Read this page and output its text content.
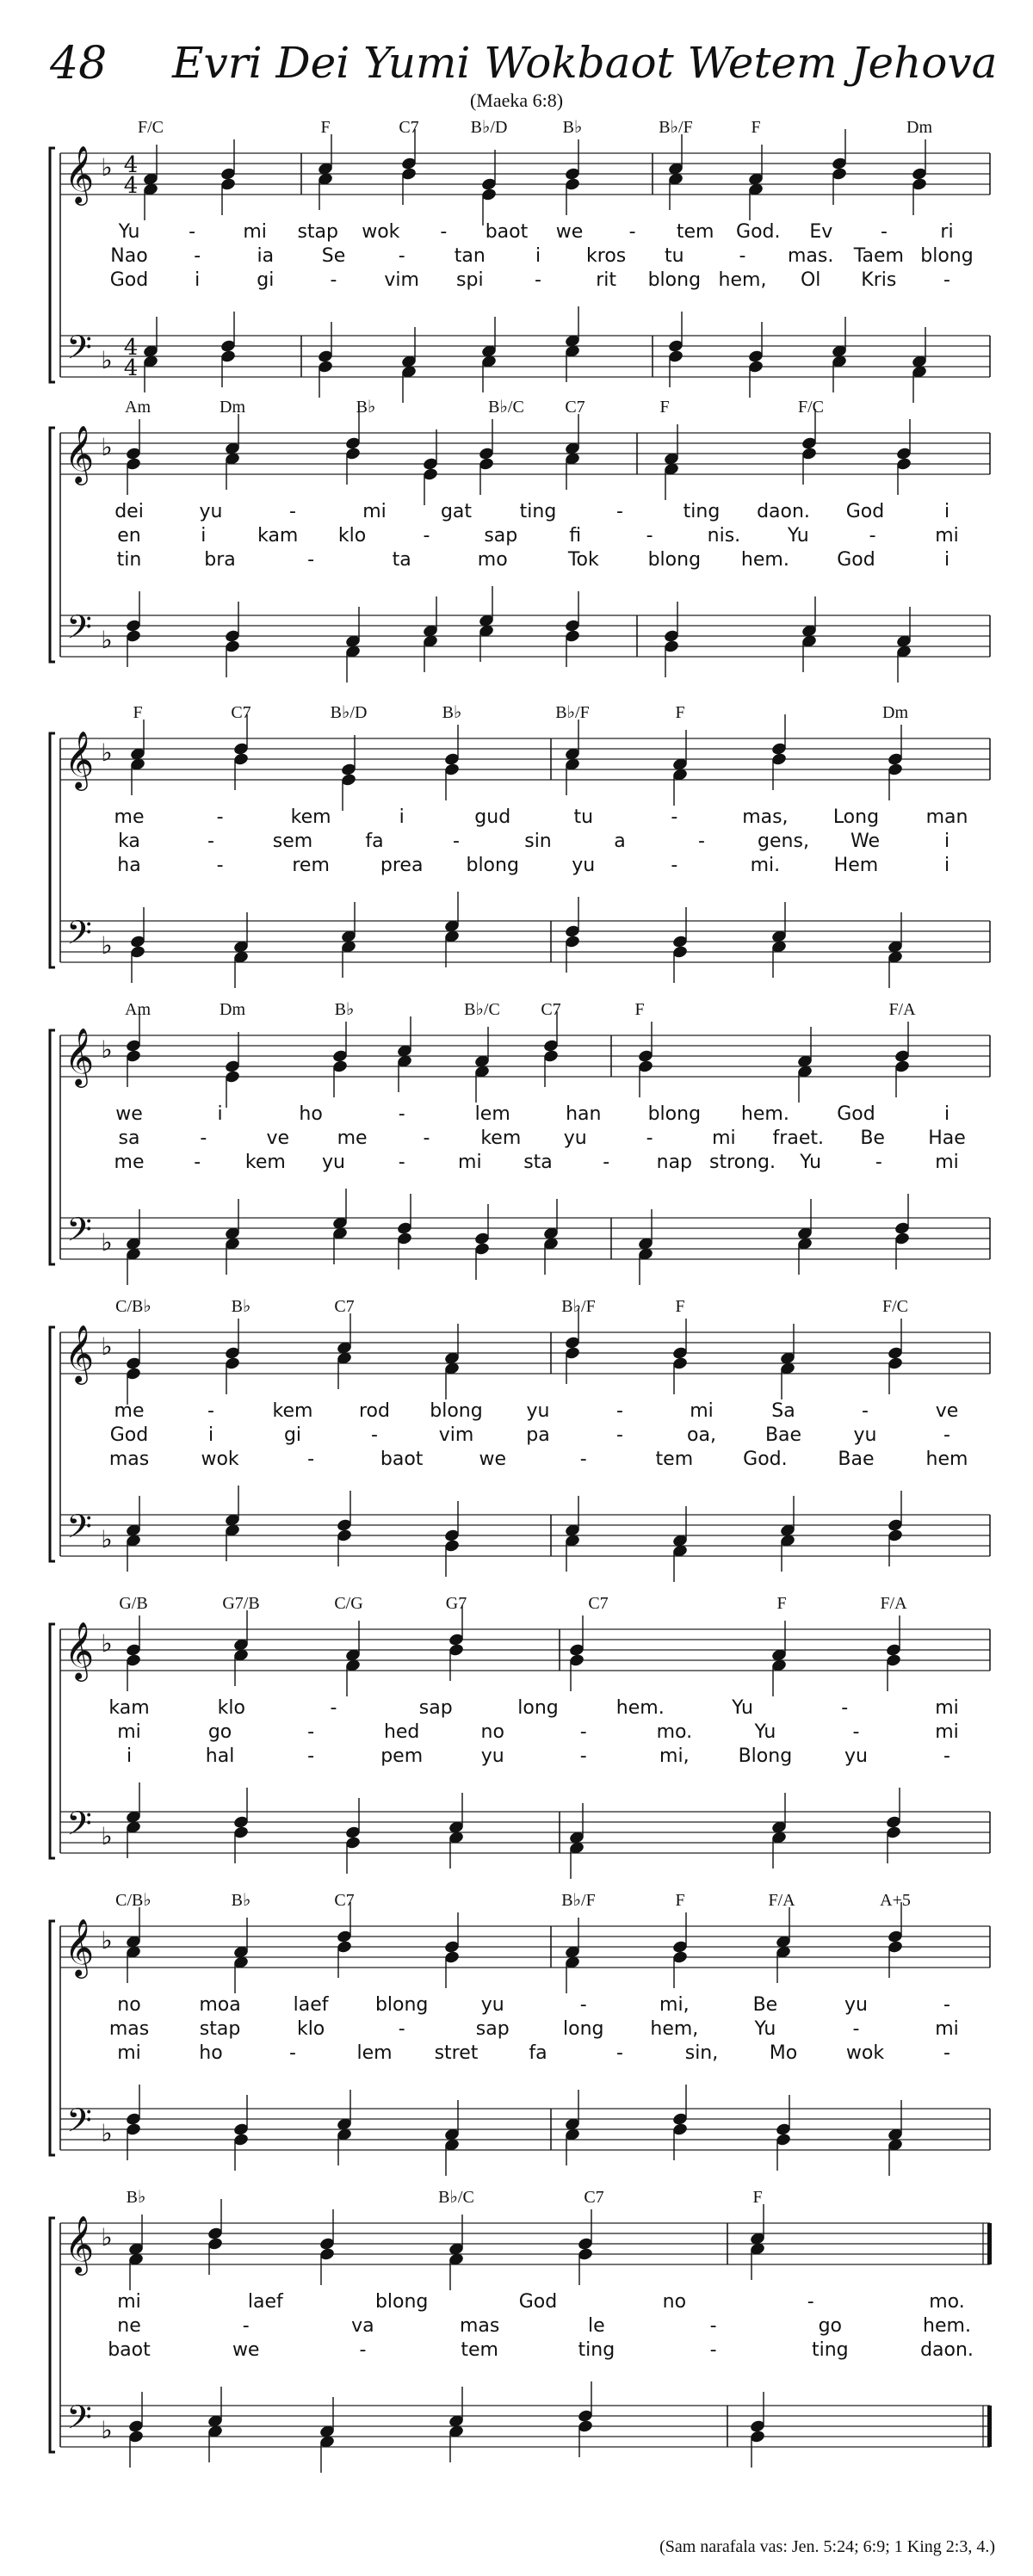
48 Evri Dei Yumi Wokbaot Wetem Jehova
(Maeka 6:8)
𝄞
𝄢
♭
♭
4
4
4
4
F/C	F	C7	B♭/D	B♭	B♭/F	F	Dm
Yu	-	mi stap wok - baot we - tem God. Ev	-	ri
Nao -	ia	Se	-	tan	i kros tu	- mas. Taem blong
God i	gi	- vim spi	-	rit blong hem, Ol Kris -
𝄞
𝄢
♭
♭
Am	Dm	B♭	B♭/C C7	F	F/C
dei	yu	-	mi	gat	ting	-	ting daon. God	i
en	i	kam klo	-	sap	fi	-	nis. Yu	-	mi
tin	bra	-	ta	mo	Tok	blong hem.	God	i
𝄞
𝄢
♭
♭
F	C7	B♭/D	B♭	B♭/F	F	Dm
me	-	kem	i	gud	tu	-	mas, Long man
ka	-	sem	fa	-	sin	a	-	gens, We	i
ha	-	rem	prea blong	yu	-	mi.	Hem	i
𝄞
𝄢
♭
♭
Am	Dm	B♭	B♭/C C7	F	F/A
we	i	ho	-	lem	han blong hem.	God	i
sa	-	ve	me	-	kem yu	-	mi fraet. Be Hae
me	- kem yu	-	mi sta	- nap strong. Yu	-	mi
𝄞
𝄢
♭
♭
C/B♭	B♭	C7	B♭/F	F	F/C
me	-	kem rod blong yu	-	mi	Sa	-	ve
God	i	gi	-	vim	pa	-	oa,	Bae	yu	-
mas	wok	-	baot	we	-	tem	God.	Bae	hem
𝄞
𝄢
♭
♭
G/B	G7/B	C/G	G7	C7	F	F/A
kam	klo	-	sap	long	hem.	Yu	-	mi
mi	go	-	hed	no	-	mo.	Yu	-	mi
i	hal	-	pem	yu	-	mi,	Blong	yu	-
𝄞
𝄢
♭
♭
C/B♭	B♭	C7	B♭/F	F	F/A	A+5
no	moa	laef blong	yu	-	mi,	Be	yu	-
mas	stap	klo	-	sap	long hem,	Yu	-	mi
mi	ho	-	lem stret	fa	-	sin,	Mo	wok	-
𝄞
𝄢
♭
♭
B♭	B♭/C	C7	F
mi	laef	blong	God	no	-	mo.
ne	-	va	mas	le	-	go	hem.
baot	we	-	tem	ting	-	ting	daon.
(Sam narafala vas: Jen. 5:24; 6:9; 1 King 2:3, 4.)
